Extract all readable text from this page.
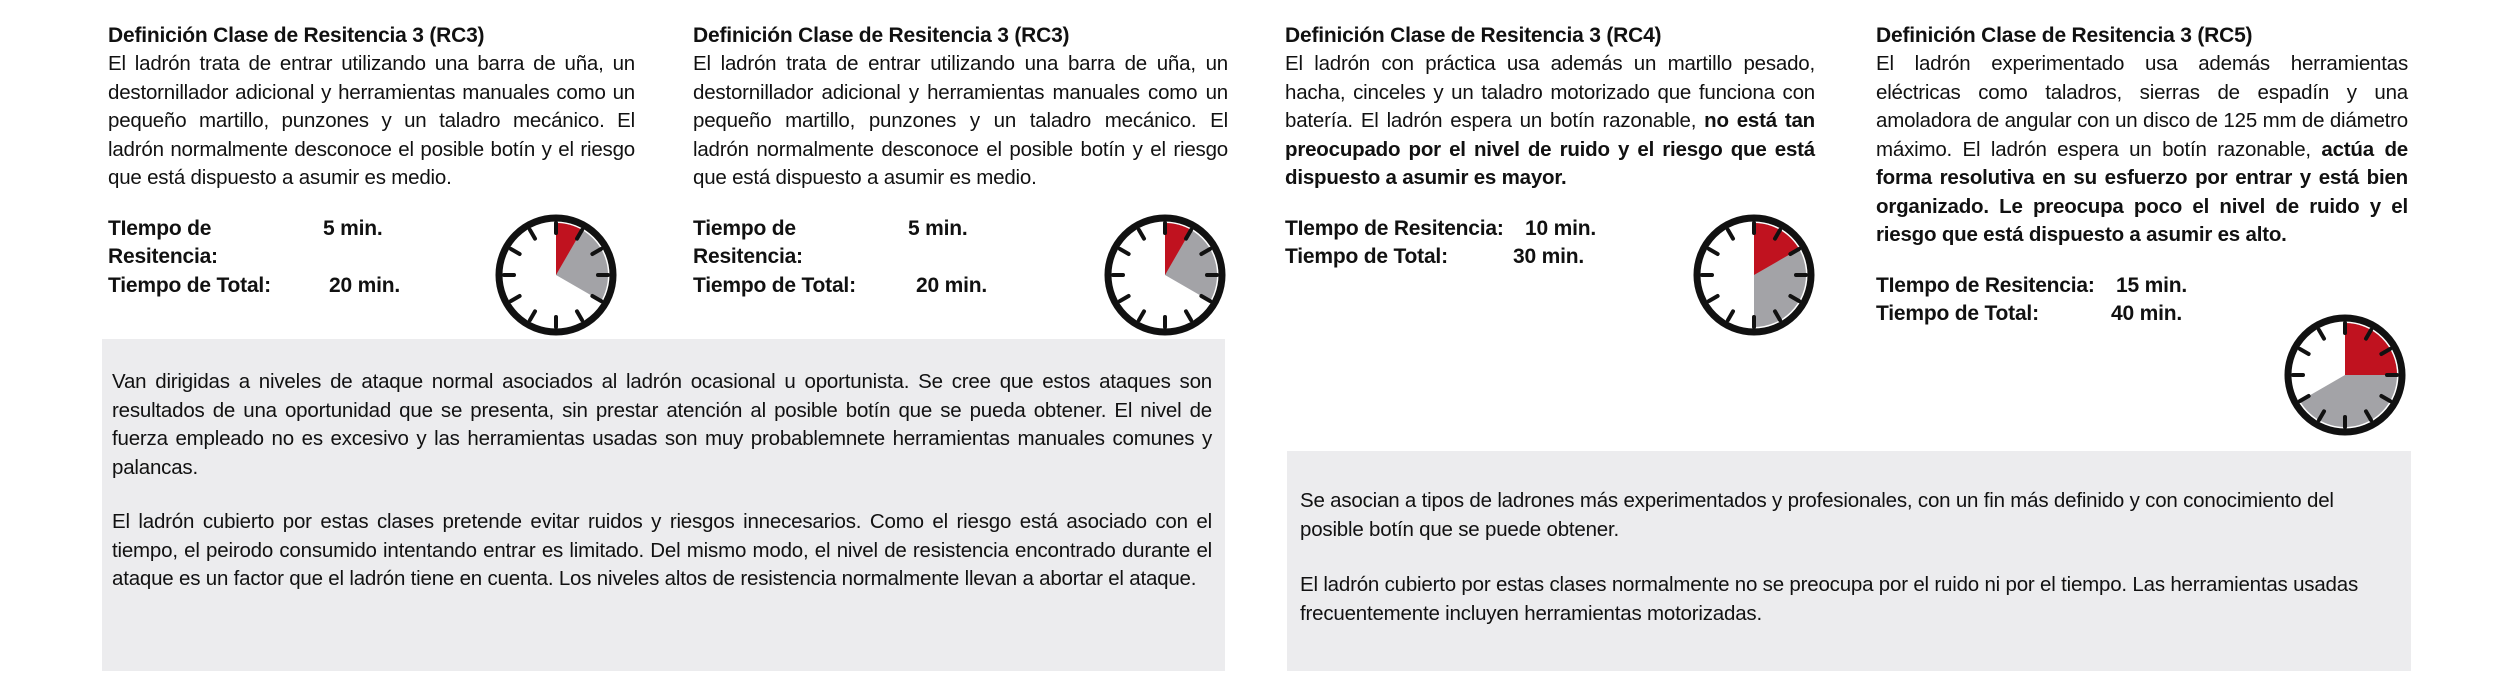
Definición Clase de Resitencia 3 (RC3)

El ladrón trata de entrar utilizando una barra de uña, un destornillador adicional y herramientas manuales como un pequeño martillo, punzones y un taladro mecánico. El ladrón normalmente desconoce el posible botín y el riesgo que está dispuesto a asumir es medio.

TIempo de Resitencia:
5 min.
Tiempo de Total:	20 min.

Definición Clase de Resitencia 3 (RC3)

El ladrón trata de entrar utilizando una barra de uña, un destornillador adicional y herramientas manuales como un pequeño martillo, punzones y un taladro mecánico. El ladrón normalmente desconoce el posible botín y el riesgo que está dispuesto a asumir es medio.

Tiempo de Resitencia:
5 min.
Tiempo de Total:	20 min.

Definición Clase de Resitencia 3 (RC4)

El ladrón con práctica usa además un martillo pesado, hacha, cinceles y un taladro motorizado que funciona con batería. El ladrón espera un botín razonable, no está tan preocupado por el nivel de ruido y el riesgo que está dispuesto a asumir es mayor.

TIempo de Resitencia:	10 min.
Tiempo de Total:	30 min.

Definición Clase de Resitencia 3 (RC5)

El ladrón experimentado usa además herramientas eléctricas como taladros, sierras de espadín y una amoladora de angular con un disco de 125 mm de diámetro máximo. El ladrón espera un botín razonable, actúa de forma resolutiva en su esfuerzo por entrar y está bien organizado. Le preocupa poco el nivel de ruido y el riesgo que está dispuesto a asumir es alto.

TIempo de Resitencia:	15 min.
Tiempo de Total:	40 min.

Van dirigidas a niveles de ataque normal asociados al ladrón ocasional u oportunista. Se cree que estos ataques son resultados de una oportunidad que se presenta, sin prestar atención al posible botín que se pueda obtener. El nivel de fuerza empleado no es excesivo y las herramientas usadas son muy probablemnete herramientas manuales comunes y palancas.

El ladrón cubierto por estas clases pretende evitar ruidos y riesgos innecesarios. Como el riesgo está asociado con el tiempo, el peirodo consumido intentando entrar es limitado. Del mismo modo, el nivel de resistencia encontrado durante el ataque es un factor que el ladrón tiene en cuenta. Los niveles altos de resistencia normalmente llevan a abortar el ataque.

Se asocian a tipos de ladrones más experimentados y profesionales, con un fin más definido y con conocimiento del posible botín que se puede obtener.

El ladrón cubierto por estas clases normalmente no se preocupa por el ruido ni por el tiempo. Las herramientas usadas frecuentemente incluyen herramientas motorizadas.
